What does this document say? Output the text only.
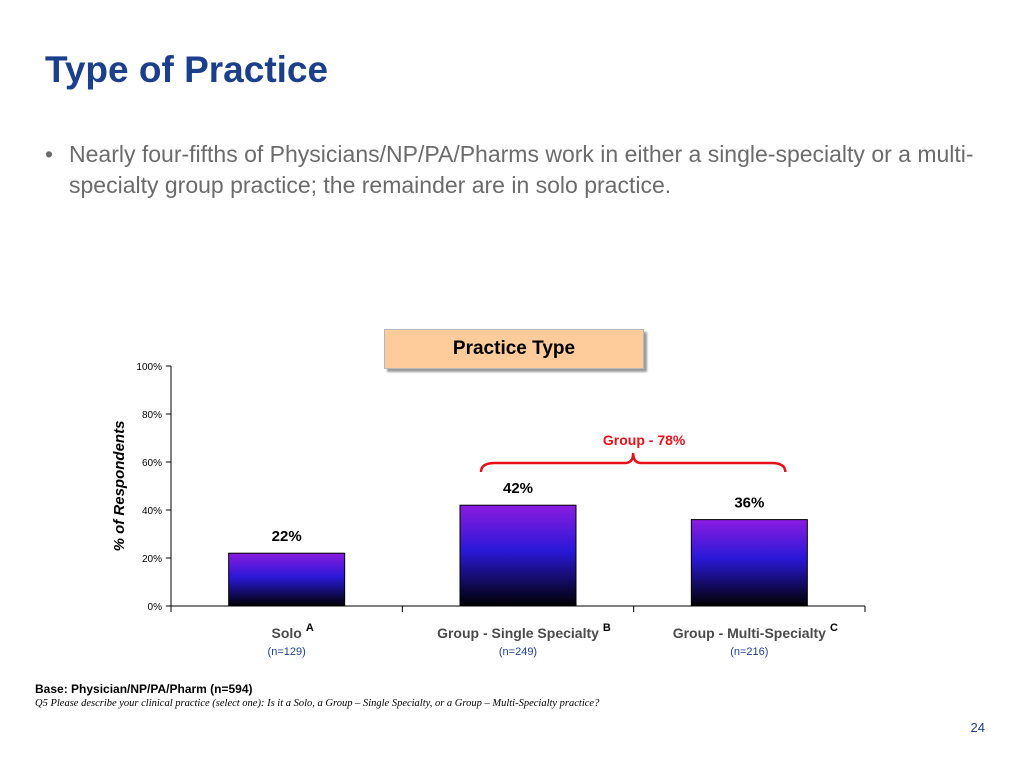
Type of Practice
• Nearly four-fifths of Physicians/NP/PA/Pharms work in either a single-specialty or a multi-specialty group practice; the remainder are in solo practice.
0%
20%
40%
60%
80%
100%
% of Respondents	22%
Solo A
(n=129)
42%
Group - Single Specialty B
(n=249)
36%
Group - Multi-Specialty C
(n=216)
Group - 78%
Practice Type
Base: Physician/NP/PA/Pharm (n=594)
Q5 Please describe your clinical practice (select one): Is it a Solo, a Group – Single Specialty, or a Group – Multi-Specialty practice?
24
